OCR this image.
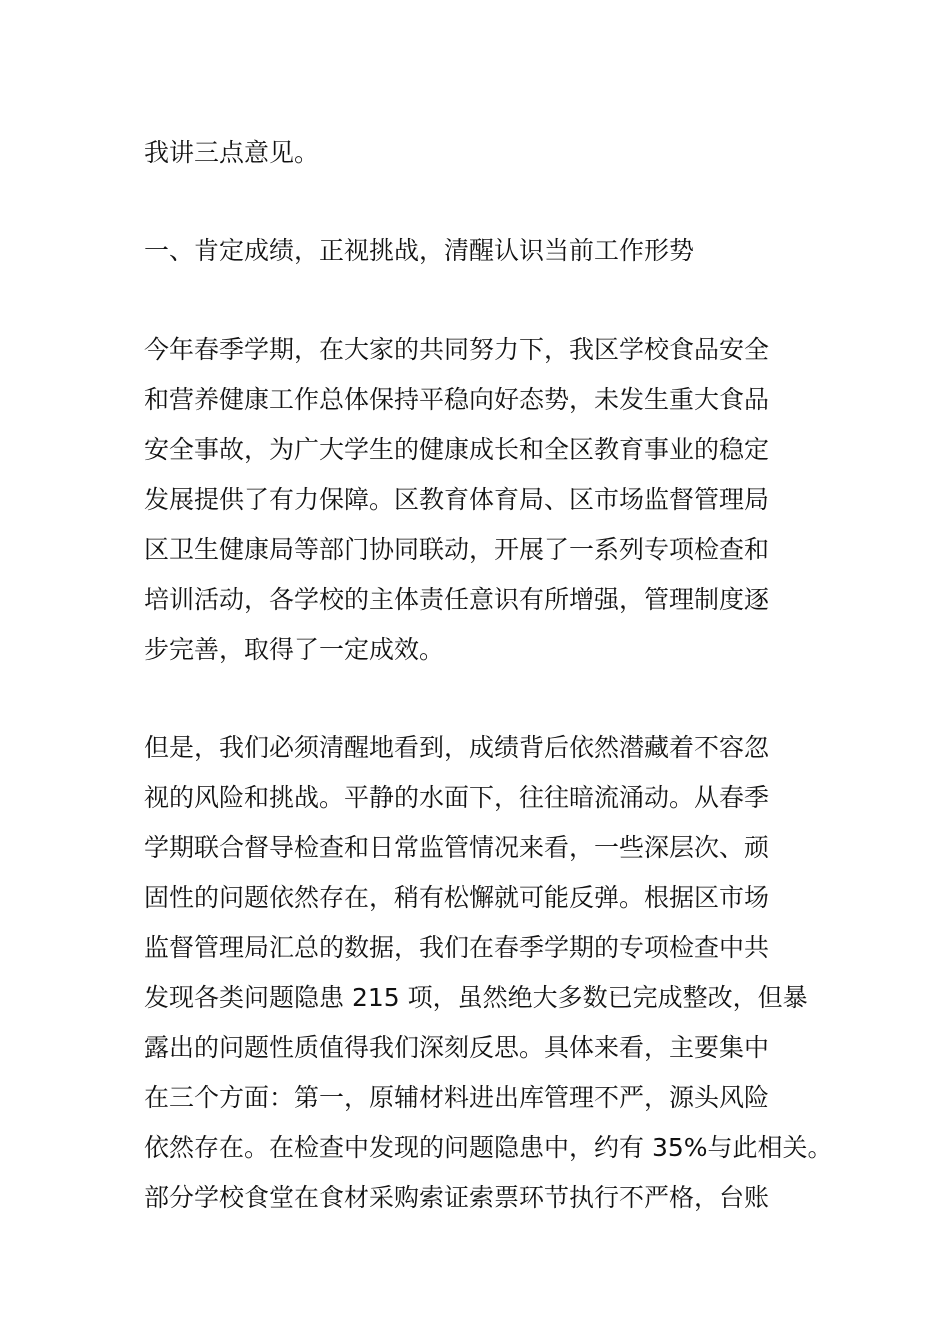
我讲三点意见。
一、肯定成绩，正视挑战，清醒认识当前工作形势
今年春季学期，在大家的共同努力下，我区学校食品安全
和营养健康工作总体保持平稳向好态势，未发生重大食品
安全事故，为广大学生的健康成长和全区教育事业的稳定
发展提供了有力保障。区教育体育局、区市场监督管理局
区卫生健康局等部门协同联动，开展了一系列专项检查和
培训活动，各学校的主体责任意识有所增强，管理制度逐
步完善，取得了一定成效。
但是，我们必须清醒地看到，成绩背后依然潜藏着不容忽
视的风险和挑战。平静的水面下，往往暗流涌动。从春季
学期联合督导检查和日常监管情况来看，一些深层次、顽
固性的问题依然存在，稍有松懈就可能反弹。根据区市场
监督管理局汇总的数据，我们在春季学期的专项检查中共
发现各类问题隐患 215 项，虽然绝大多数已完成整改，但暴
露出的问题性质值得我们深刻反思。具体来看，主要集中
在三个方面：第一，原辅材料进出库管理不严，源头风险
依然存在。在检查中发现的问题隐患中，约有 35%与此相关。
部分学校食堂在食材采购索证索票环节执行不严格，台账
